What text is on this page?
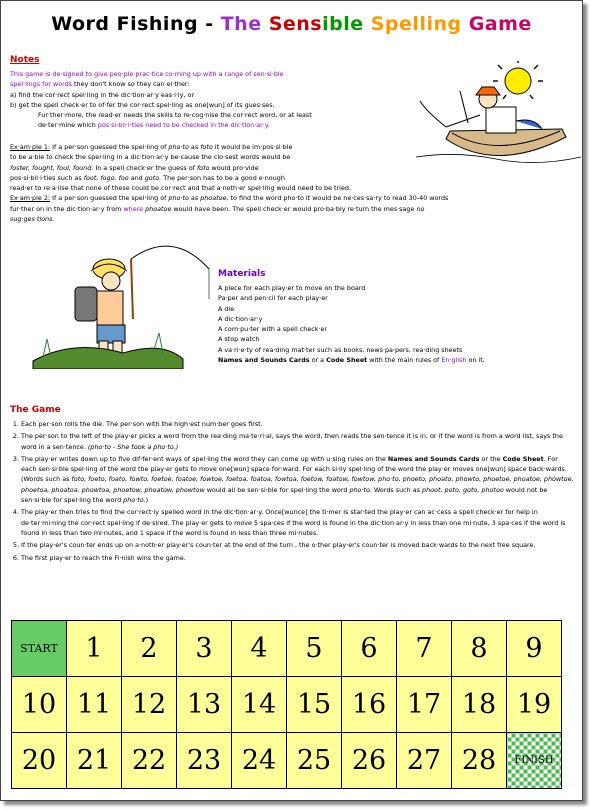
Word Fishing - The Sensible Spelling Game
Notes
This game is de·signed to give peo·ple prac·tice co·ming up with a range of sen·si·ble
spel·lings for words they don't know so they can ei·ther:
a) find the cor·rect spel·ling in the dic·tion·ar·y eas·i·ly, or
b) get the spell check·er to of·fer the cor·rect spel·ling as one[wun] of its gues·ses.
Fur·ther·more, the read·er needs the skills to re·cog·nise the cor·rect word, or at least
de·ter·mine which pos·si·bil·i·ties need to be checked in the dic·tion·ar·y.
Ex·am·ple 1: If a per·son guessed the spel·ling of pho·to as foto it would be im·pos·si·ble
to be a·ble to check the spel·ling in a dic·tion·ar·y be·cause the clo·sest words would be
foster, fought, foul, found. In a spell check·er the guess of foto would pro·vide
pos·si·bil·i·ties such as foot, fogo, foo and goto. The per·son has to be a good e·nough
read·er to re·a·lise that none of these could be cor·rect and that a·noth·er spel·ling would need to be tried.
Ex·am·ple 2: If a per·son guessed the spel·ling of pho·to as phoatoe, to find the word pho·to it would be ne·ces·sa·ry to read 30-40 words
fur·ther on in the dic·tion·ar·y from where phoatoe would have been. The spell check·er would pro·ba·bly re·turn the mes·sage no
sug·ges·tions.
Materials
A piece for each play·er to move on the board
Pa·per and pen·cil for each play·er
A die
A dic·tion·ar·y
A com·pu·ter with a spell check·er
A stop watch
A va·ri·e·ty of rea·ding mat·ter such as books, news·pa·pers, rea·ding sheets
Names and Sounds Cards or a Code Sheet with the main rules of En·glish on it.
The Game
1. Each per·son rolls the die. The per·son with the high·est num·ber goes first.
2. The per·son to the left of the play·er picks a word from the rea·ding ma·te·ri·al, says the word, then reads the sen·tence it is in, or if the word is from a word list, says the word in a sen·tence. (pho·to - She took a pho·to.)
3. The play·er writes down up to five dif·fer·ent ways of spel·ling the word they can come up with u·sing rules on the Names and Sounds Cards or the Code Sheet. For each sen·si·ble spel·ling of the word the play·er gets to move one[wun] space for·ward. For each si·lly spel·ling of the word the play·er moves one[wun] space back·wards. (Words such as foto, foeto, foato, fowto, foetoe, foatoe, fowtoe, foetoa, foatoa, fowtoa, foetow, foatow, fowtow, pho·to, phoeto, phoato, phowto, phoetoe, phoatoe, phowtoe, phoetoa, phoatoa, phowtoa, phoetow, phoatow, phowtow would all be sen·si·ble for spel·ling the word pho·to. Words such as phoot, poto, goto, photoo would not be sen·si·ble for spel·ling the word pho·to.)
4. The play·er then tries to find the cor·rect·ly spelled word in the dic·tion·ar·y. Once[wunce] the ti·mer is star·ted the play·er can ac·cess a spell check·er for help in de·ter·mi·ning the cor·rect spel·ling if de·sired. The play·er gets to move 5 spa·ces if the word is found in the dic·tion·ar·y in less than one mi·nute, 3 spa·ces if the word is found in less than two mi·nutes, and 1 space if the word is found in less than three mi·nutes.
5. If the play·er's coun·ter ends up on a·noth·er play·er's coun·ter at the end of the turn , the o·ther play·er's coun·ter is moved back·wards to the next free square.
6. The first play·er to reach the Fi·nish wins the game.
START	1	2	3	4	5	6	7	8	9
10	11	12	13	14	15	16	17	18	19
20	21	22	23	24	25	26	27	28	FINISH
